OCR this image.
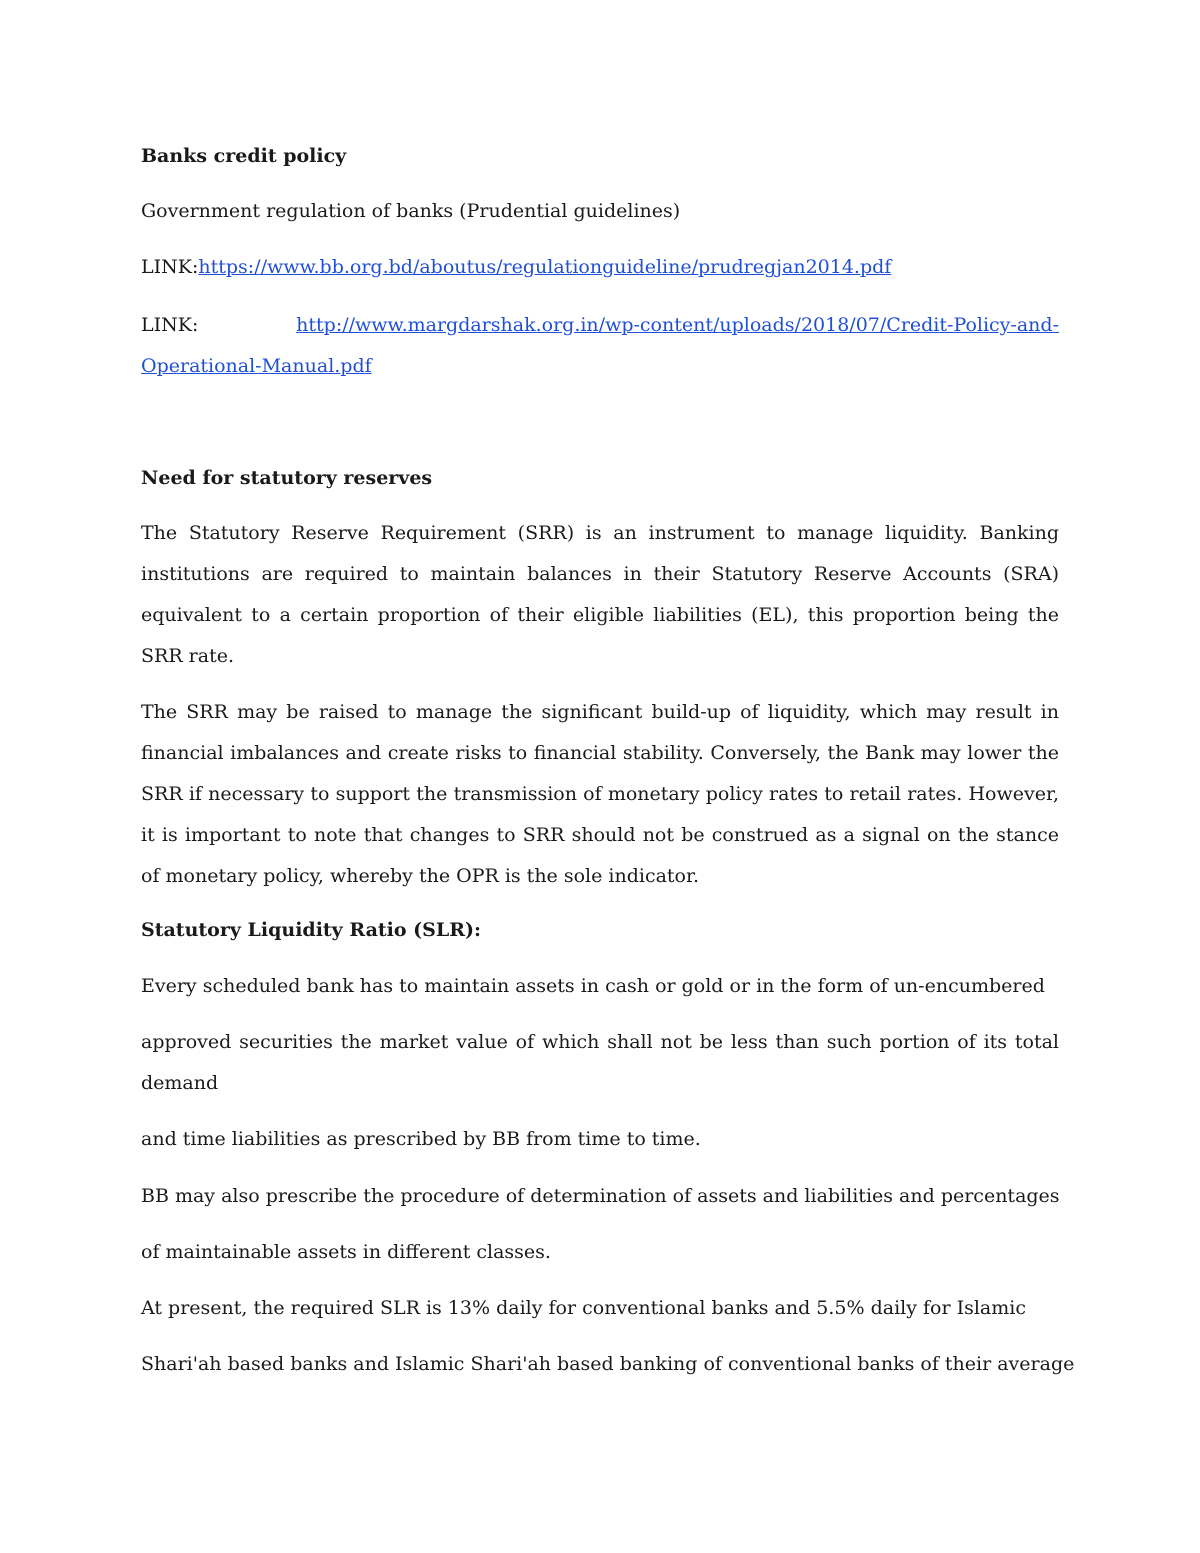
Banks credit policy
Government regulation of banks (Prudential guidelines)
LINK:https://www.bb.org.bd/aboutus/regulationguideline/prudregjan2014.pdf
LINK:	http://www.margdarshak.org.in/wp-content/uploads/2018/07/Credit-Policy-and-
Operational-Manual.pdf
Need for statutory reserves
The Statutory Reserve Requirement (SRR) is an instrument to manage liquidity. Banking institutions are required to maintain balances in their Statutory Reserve Accounts (SRA) equivalent to a certain proportion of their eligible liabilities (EL), this proportion being the SRR rate.
The SRR may be raised to manage the significant build-up of liquidity, which may result in financial imbalances and create risks to financial stability. Conversely, the Bank may lower the SRR if necessary to support the transmission of monetary policy rates to retail rates. However, it is important to note that changes to SRR should not be construed as a signal on the stance of monetary policy, whereby the OPR is the sole indicator.
Statutory Liquidity Ratio (SLR):
Every scheduled bank has to maintain assets in cash or gold or in the form of un-encumbered
approved securities the market value of which shall not be less than such portion of its total demand
and time liabilities as prescribed by BB from time to time.
BB may also prescribe the procedure of determination of assets and liabilities and percentages
of maintainable assets in different classes.
At present, the required SLR is 13% daily for conventional banks and 5.5% daily for Islamic
Shari'ah based banks and Islamic Shari'ah based banking of conventional banks of their average
